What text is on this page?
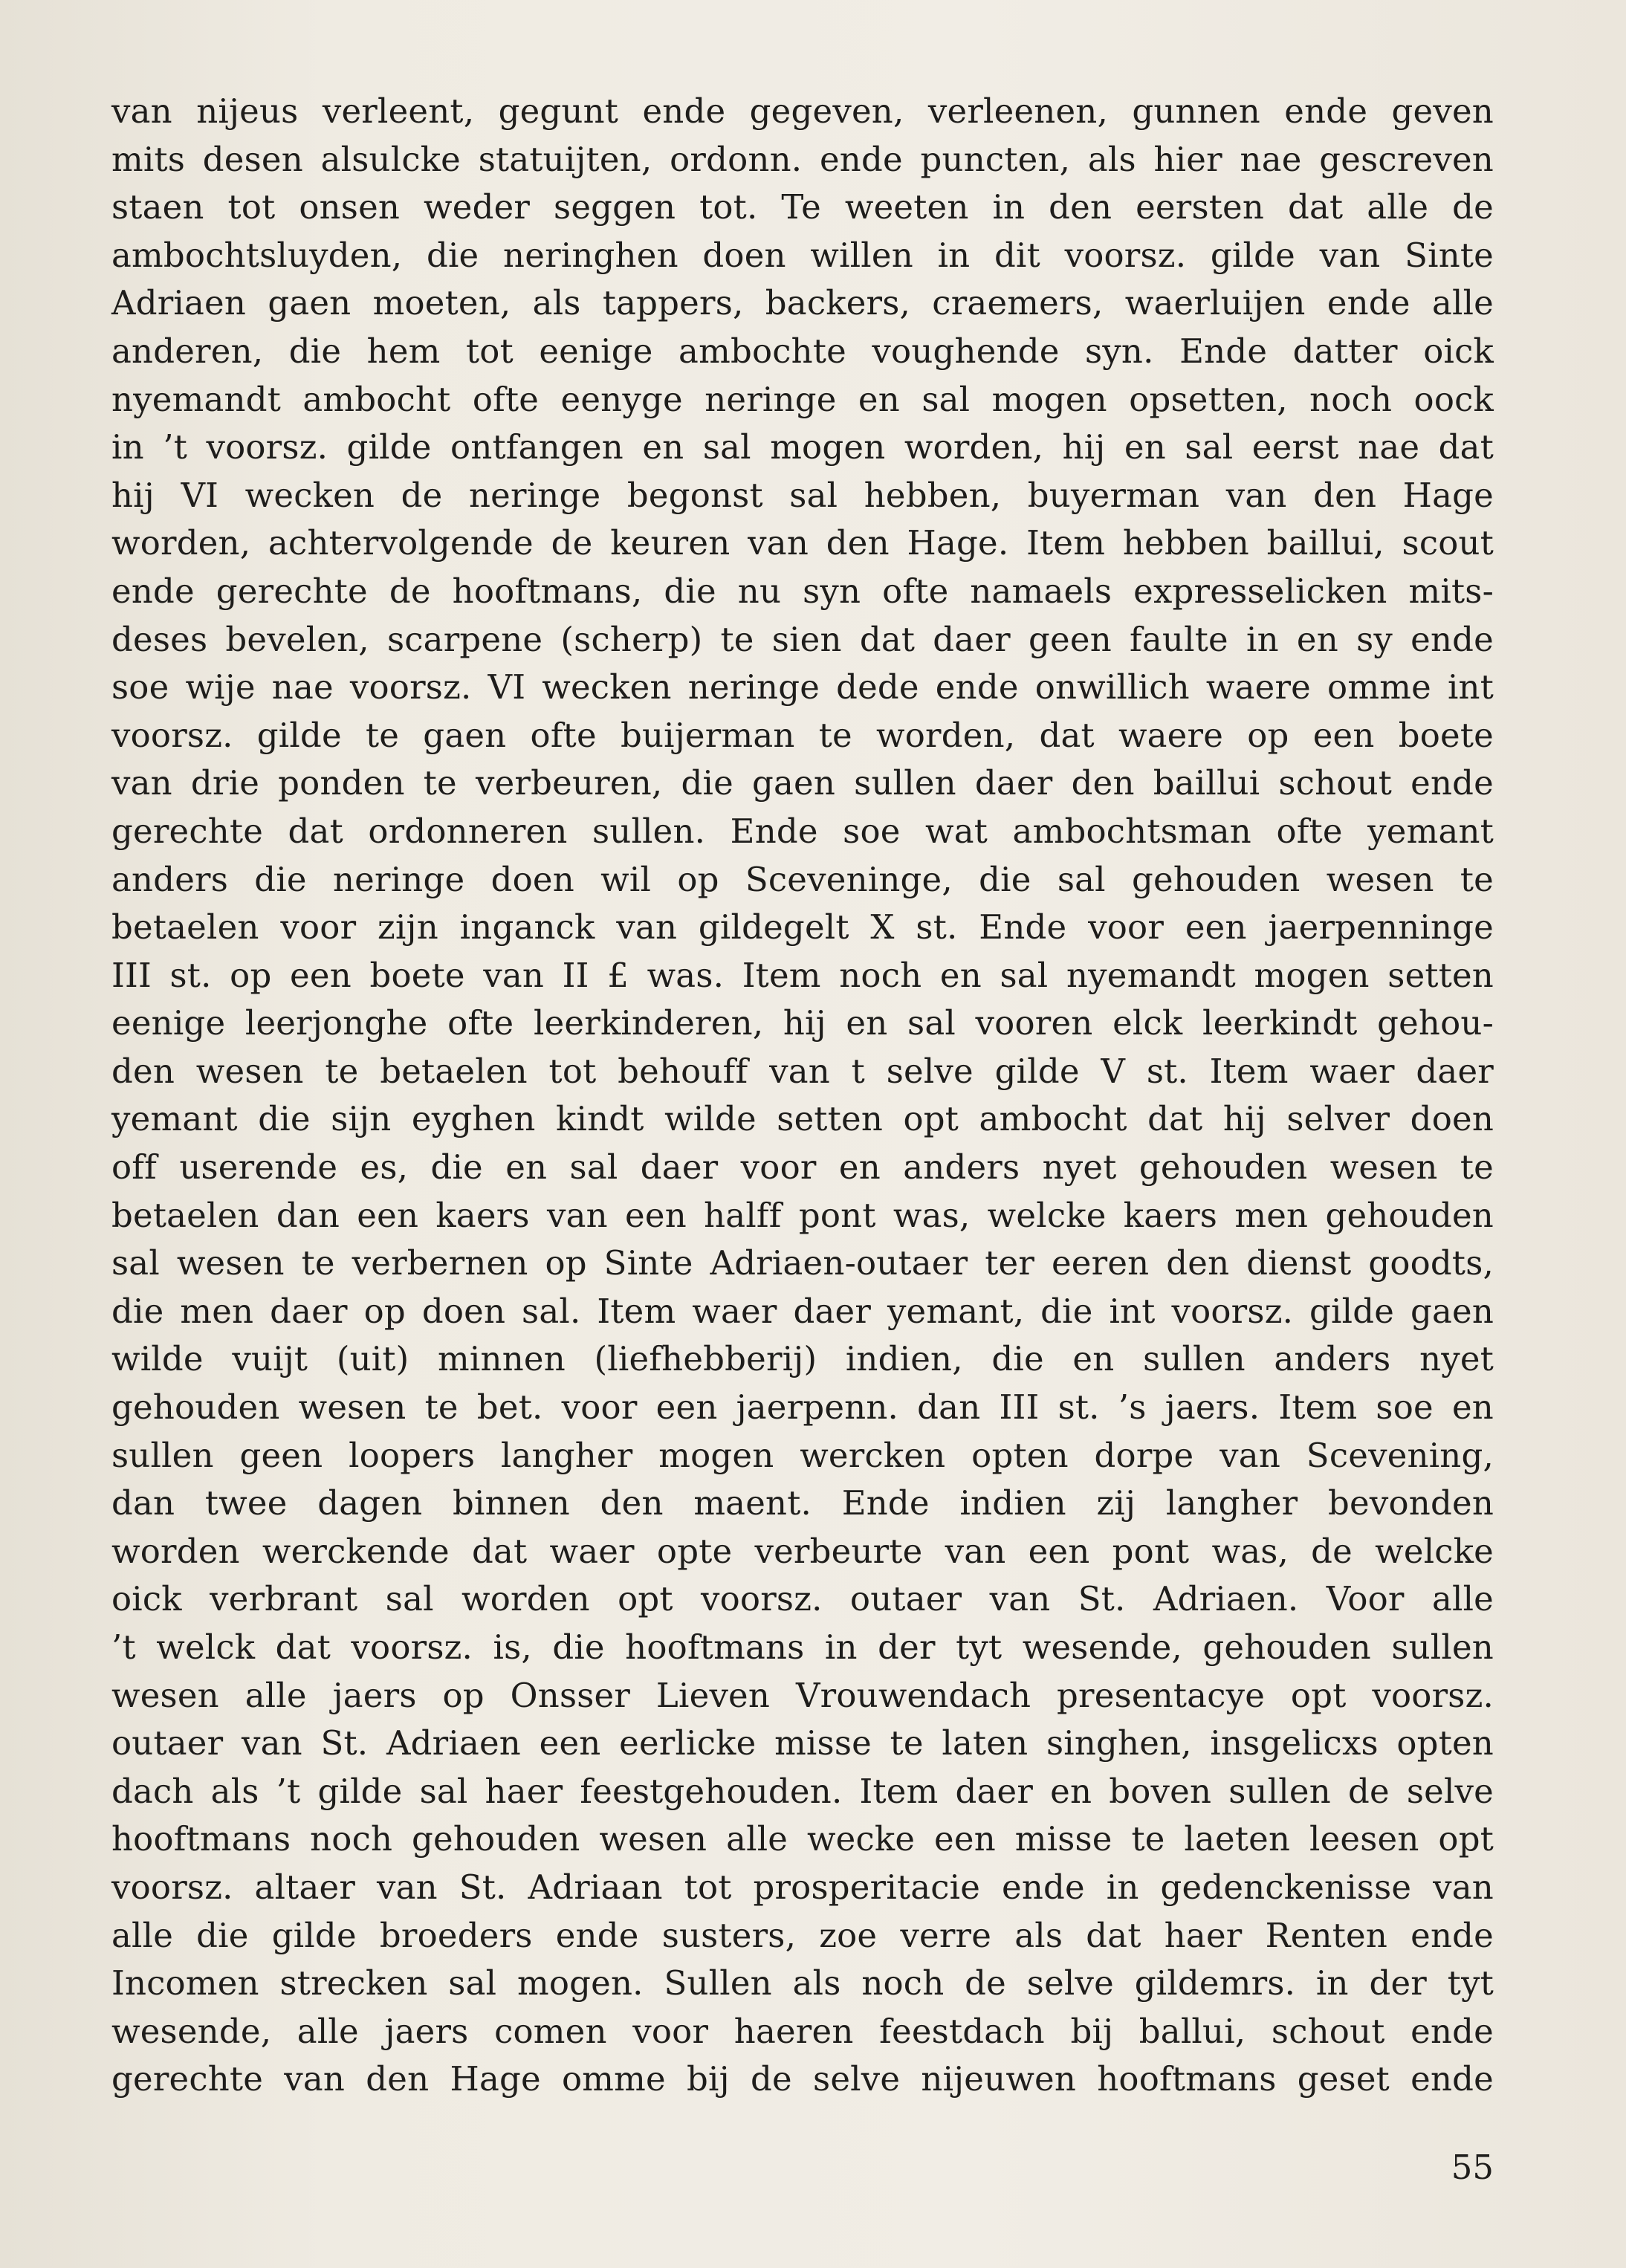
van nijeus verleent, gegunt ende gegeven, verleenen, gunnen ende geven
mits desen alsulcke statuijten, ordonn. ende puncten, als hier nae gescreven
staen tot onsen weder seggen tot. Te weeten in den eersten dat alle de
ambochtsluyden, die neringhen doen willen in dit voorsz. gilde van Sinte
Adriaen gaen moeten, als tappers, backers, craemers, waerluijen ende alle
anderen, die hem tot eenige ambochte voughende syn. Ende datter oick
nyemandt ambocht ofte eenyge neringe en sal mogen opsetten, noch oock
in ’t voorsz. gilde ontfangen en sal mogen worden, hij en sal eerst nae dat
hij VI wecken de neringe begonst sal hebben, buyerman van den Hage
worden, achtervolgende de keuren van den Hage. Item hebben baillui, scout
ende gerechte de hooftmans, die nu syn ofte namaels expresselicken mits-
deses bevelen, scarpene (scherp) te sien dat daer geen faulte in en sy ende
soe wije nae voorsz. VI wecken neringe dede ende onwillich waere omme int
voorsz. gilde te gaen ofte buijerman te worden, dat waere op een boete
van drie ponden te verbeuren, die gaen sullen daer den baillui schout ende
gerechte dat ordonneren sullen. Ende soe wat ambochtsman ofte yemant
anders die neringe doen wil op Sceveninge, die sal gehouden wesen te
betaelen voor zijn inganck van gildegelt X st. Ende voor een jaerpenninge
III st. op een boete van II £ was. Item noch en sal nyemandt mogen setten
eenige leerjonghe ofte leerkinderen, hij en sal vooren elck leerkindt gehou-
den wesen te betaelen tot behouff van t selve gilde V st. Item waer daer
yemant die sijn eyghen kindt wilde setten opt ambocht dat hij selver doen
off userende es, die en sal daer voor en anders nyet gehouden wesen te
betaelen dan een kaers van een halff pont was, welcke kaers men gehouden
sal wesen te verbernen op Sinte Adriaen-outaer ter eeren den dienst goodts,
die men daer op doen sal. Item waer daer yemant, die int voorsz. gilde gaen
wilde vuijt (uit) minnen (liefhebberij) indien, die en sullen anders nyet
gehouden wesen te bet. voor een jaerpenn. dan III st. ’s jaers. Item soe en
sullen geen loopers langher mogen wercken opten dorpe van Scevening,
dan twee dagen binnen den maent. Ende indien zij langher bevonden
worden werckende dat waer opte verbeurte van een pont was, de welcke
oick verbrant sal worden opt voorsz. outaer van St. Adriaen. Voor alle
’t welck dat voorsz. is, die hooftmans in der tyt wesende, gehouden sullen
wesen alle jaers op Onsser Lieven Vrouwendach presentacye opt voorsz.
outaer van St. Adriaen een eerlicke misse te laten singhen, insgelicxs opten
dach als ’t gilde sal haer feestgehouden. Item daer en boven sullen de selve
hooftmans noch gehouden wesen alle wecke een misse te laeten leesen opt
voorsz. altaer van St. Adriaan tot prosperitacie ende in gedenckenisse van
alle die gilde broeders ende susters, zoe verre als dat haer Renten ende
Incomen strecken sal mogen. Sullen als noch de selve gildemrs. in der tyt
wesende, alle jaers comen voor haeren feestdach bij ballui, schout ende
gerechte van den Hage omme bij de selve nijeuwen hooftmans geset ende
55
